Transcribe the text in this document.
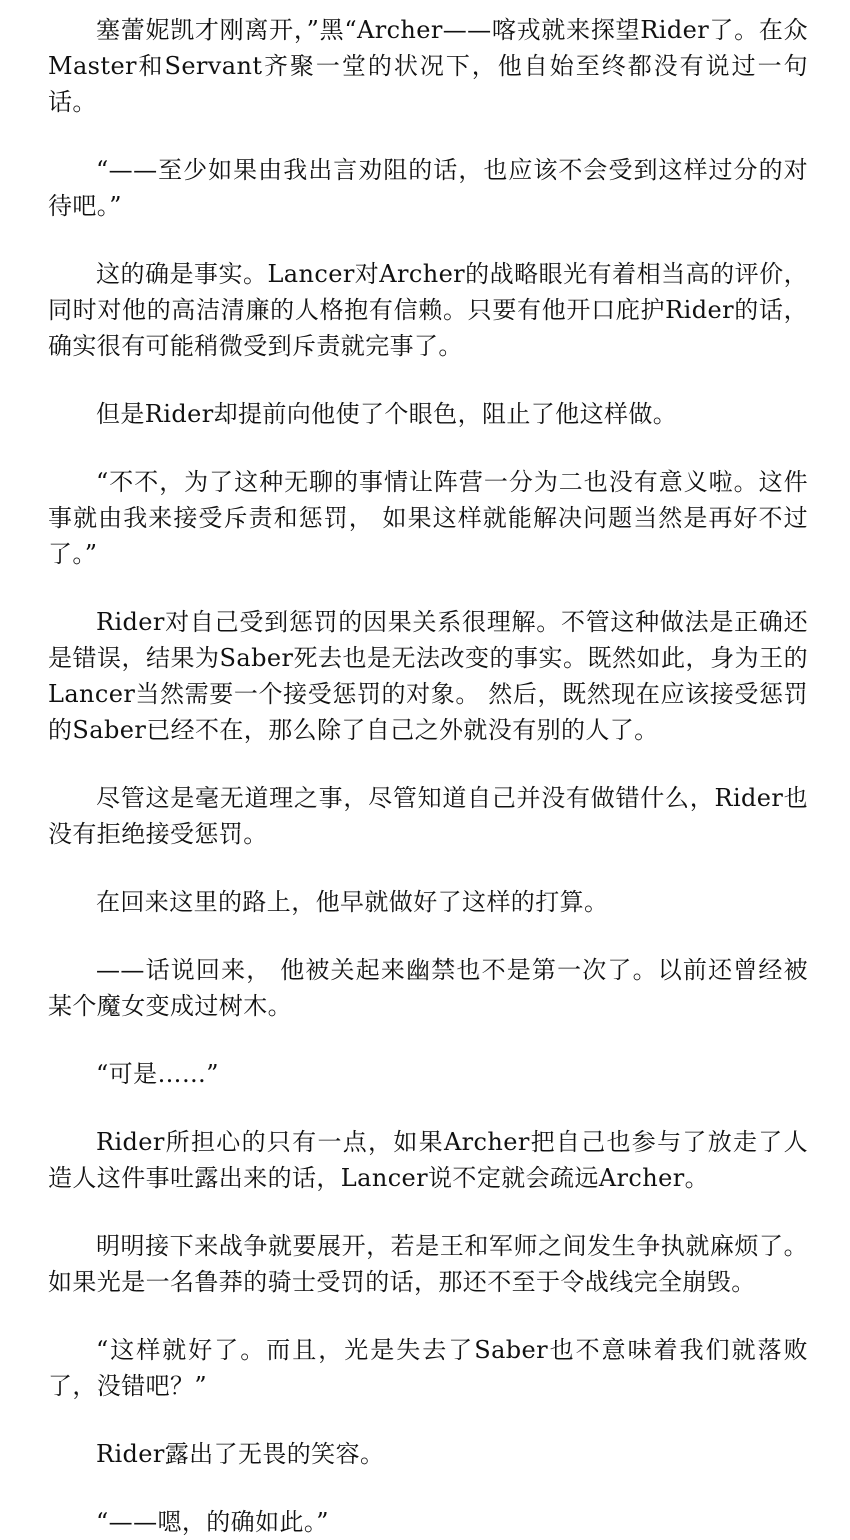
塞蕾妮凯才刚离开，”黑“Archer——喀戎就来探望Rider了。在众Master和Servant齐聚一堂的状况下，他自始至终都没有说过一句话。

“——至少如果由我出言劝阻的话，也应该不会受到这样过分的对待吧。”

这的确是事实。Lancer对Archer的战略眼光有着相当高的评价，同时对他的高洁清廉的人格抱有信赖。只要有他开口庇护Rider的话，确实很有可能稍微受到斥责就完事了。

但是Rider却提前向他使了个眼色，阻止了他这样做。

“不不，为了这种无聊的事情让阵营一分为二也没有意义啦。这件事就由我来接受斥责和惩罚， 如果这样就能解决问题当然是再好不过了。”

Rider对自己受到惩罚的因果关系很理解。不管这种做法是正确还是错误，结果为Saber死去也是无法改变的事实。既然如此，身为王的Lancer当然需要一个接受惩罚的对象。 然后，既然现在应该接受惩罚的Saber已经不在，那么除了自己之外就没有别的人了。

尽管这是毫无道理之事，尽管知道自己并没有做错什么，Rider也没有拒绝接受惩罚。

在回来这里的路上，他早就做好了这样的打算。

——话说回来， 他被关起来幽禁也不是第一次了。以前还曾经被某个魔女变成过树木。

“可是……”

Rider所担心的只有一点，如果Archer把自己也参与了放走了人造人这件事吐露出来的话，Lancer说不定就会疏远Archer。

明明接下来战争就要展开，若是王和军师之间发生争执就麻烦了。如果光是一名鲁莽的骑士受罚的话，那还不至于令战线完全崩毁。

“这样就好了。而且，光是失去了Saber也不意味着我们就落败了，没错吧？”

Rider露出了无畏的笑容。

“——嗯，的确如此。”
